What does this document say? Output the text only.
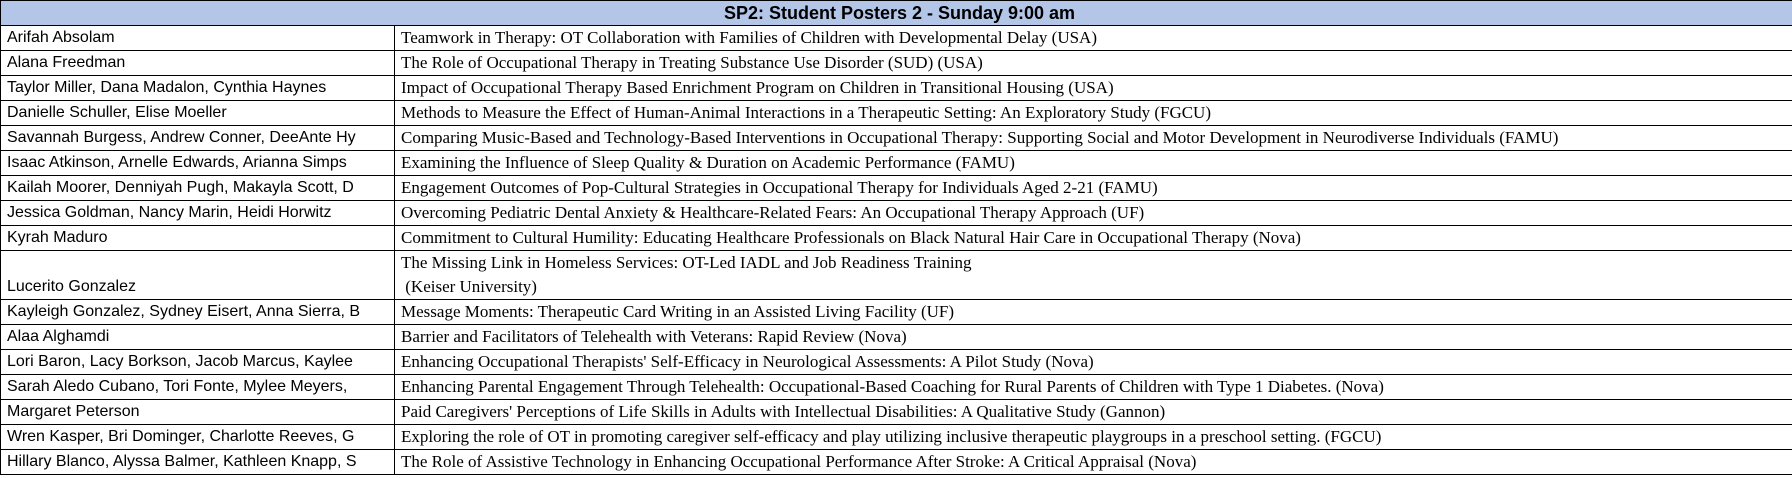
SP2: Student Posters 2 - Sunday 9:00 am	
Arifah Absolam	Teamwork in Therapy: OT Collaboration with Families of Children with Developmental Delay (USA)
Alana Freedman	The Role of Occupational Therapy in Treating Substance Use Disorder (SUD) (USA)
Taylor Miller, Dana Madalon, Cynthia Haynes	Impact of Occupational Therapy Based Enrichment Program on Children in Transitional Housing (USA)
Danielle Schuller, Elise Moeller	Methods to Measure the Effect of Human-Animal Interactions in a Therapeutic Setting: An Exploratory Study (FGCU)
Savannah Burgess, Andrew Conner, DeeAnte Hy	Comparing Music-Based and Technology-Based Interventions in Occupational Therapy: Supporting Social and Motor Development in Neurodiverse Individuals (FAMU)
Isaac Atkinson, Arnelle Edwards, Arianna Simps	Examining the Influence of Sleep Quality & Duration on Academic Performance (FAMU)
Kailah Moorer, Denniyah Pugh, Makayla Scott, D	Engagement Outcomes of Pop-Cultural Strategies in Occupational Therapy for Individuals Aged 2-21 (FAMU)
Jessica Goldman, Nancy Marin, Heidi Horwitz	Overcoming Pediatric Dental Anxiety & Healthcare-Related Fears: An Occupational Therapy Approach (UF)
Kyrah Maduro	Commitment to Cultural Humility: Educating Healthcare Professionals on Black Natural Hair Care in Occupational Therapy (Nova)
Lucerito Gonzalez	The Missing Link in Homeless Services: OT-Led IADL and Job Readiness Training
(Keiser University)

Kayleigh Gonzalez, Sydney Eisert, Anna Sierra, B	Message Moments: Therapeutic Card Writing in an Assisted Living Facility (UF)
Alaa Alghamdi	Barrier and Facilitators of Telehealth with Veterans: Rapid Review (Nova)
Lori Baron, Lacy Borkson, Jacob Marcus, Kaylee	Enhancing Occupational Therapists' Self-Efficacy in Neurological Assessments: A Pilot Study (Nova)
Sarah Aledo Cubano, Tori Fonte, Mylee Meyers,	Enhancing Parental Engagement Through Telehealth: Occupational-Based Coaching for Rural Parents of Children with Type 1 Diabetes. (Nova)
Margaret Peterson	Paid Caregivers' Perceptions of Life Skills in Adults with Intellectual Disabilities: A Qualitative Study (Gannon)
Wren Kasper, Bri Dominger, Charlotte Reeves, G	Exploring the role of OT in promoting caregiver self-efficacy and play utilizing inclusive therapeutic playgroups in a preschool setting. (FGCU)
Hillary Blanco, Alyssa Balmer, Kathleen Knapp, S	The Role of Assistive Technology in Enhancing Occupational Performance After Stroke: A Critical Appraisal (Nova)
